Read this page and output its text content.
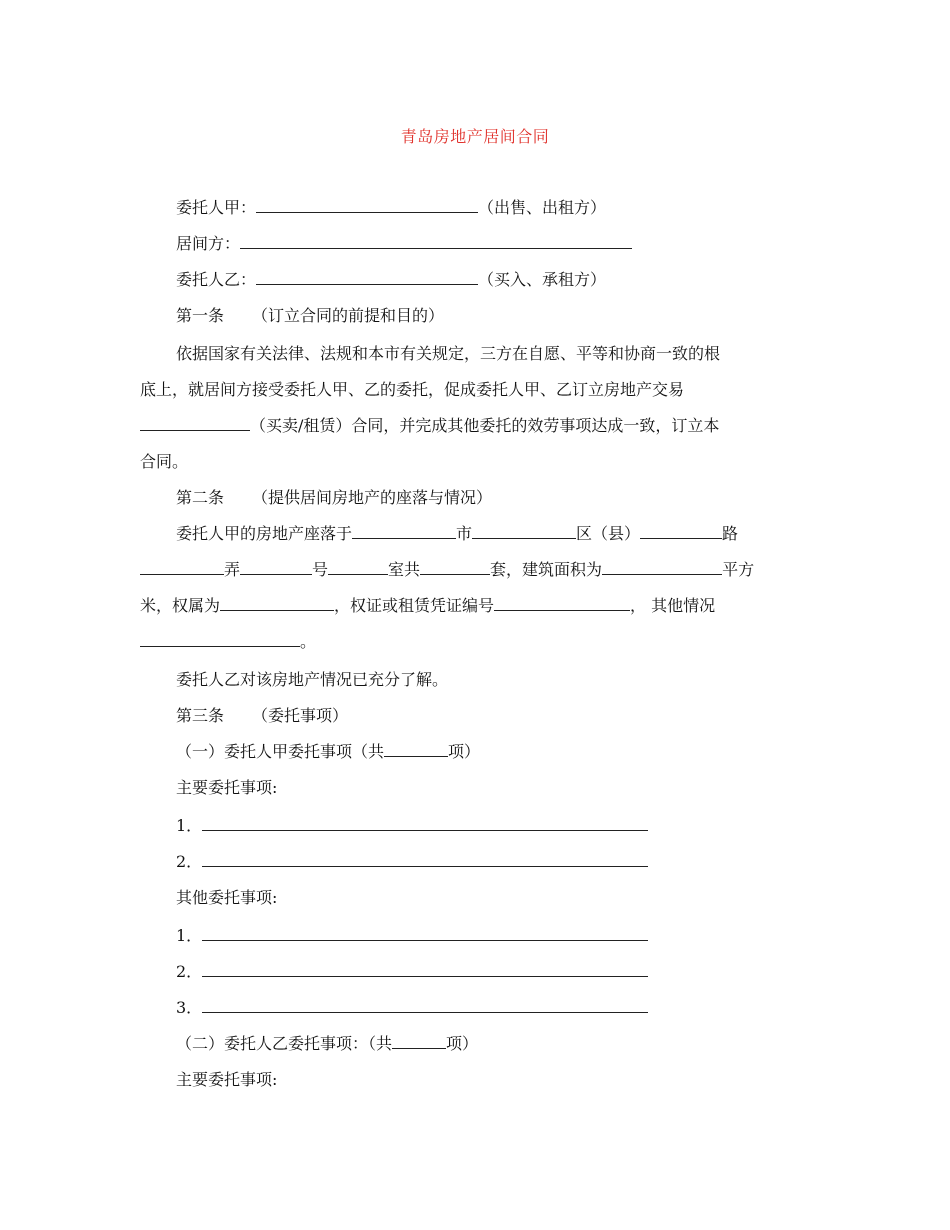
青岛房地产居间合同
委托人甲：	（出售、出租方）
居间方：
委托人乙：	（买入、承租方）
第一条 （订立合同的前提和目的）
依据国家有关法律、法规和本市有关规定，三方在自愿、平等和协商一致的根
底上，就居间方接受委托人甲、乙的委托，促成委托人甲、乙订立房地产交易
（买卖/租赁）合同，并完成其他委托的效劳事项达成一致，订立本
合同。
第二条 （提供居间房地产的座落与情况）
委托人甲的房地产座落于	市	区（县）	路
弄	号	室共	套，建筑面积为	平方
米，权属为	，权证或租赁凭证编号	， 其他情况
。
委托人乙对该房地产情况已充分了解。
第三条 （委托事项）
（一）委托人甲委托事项（共	项）
主要委托事项:
1．
2．
其他委托事项:
1．
2．
3．
（二）委托人乙委托事项：（共	项）
主要委托事项:
